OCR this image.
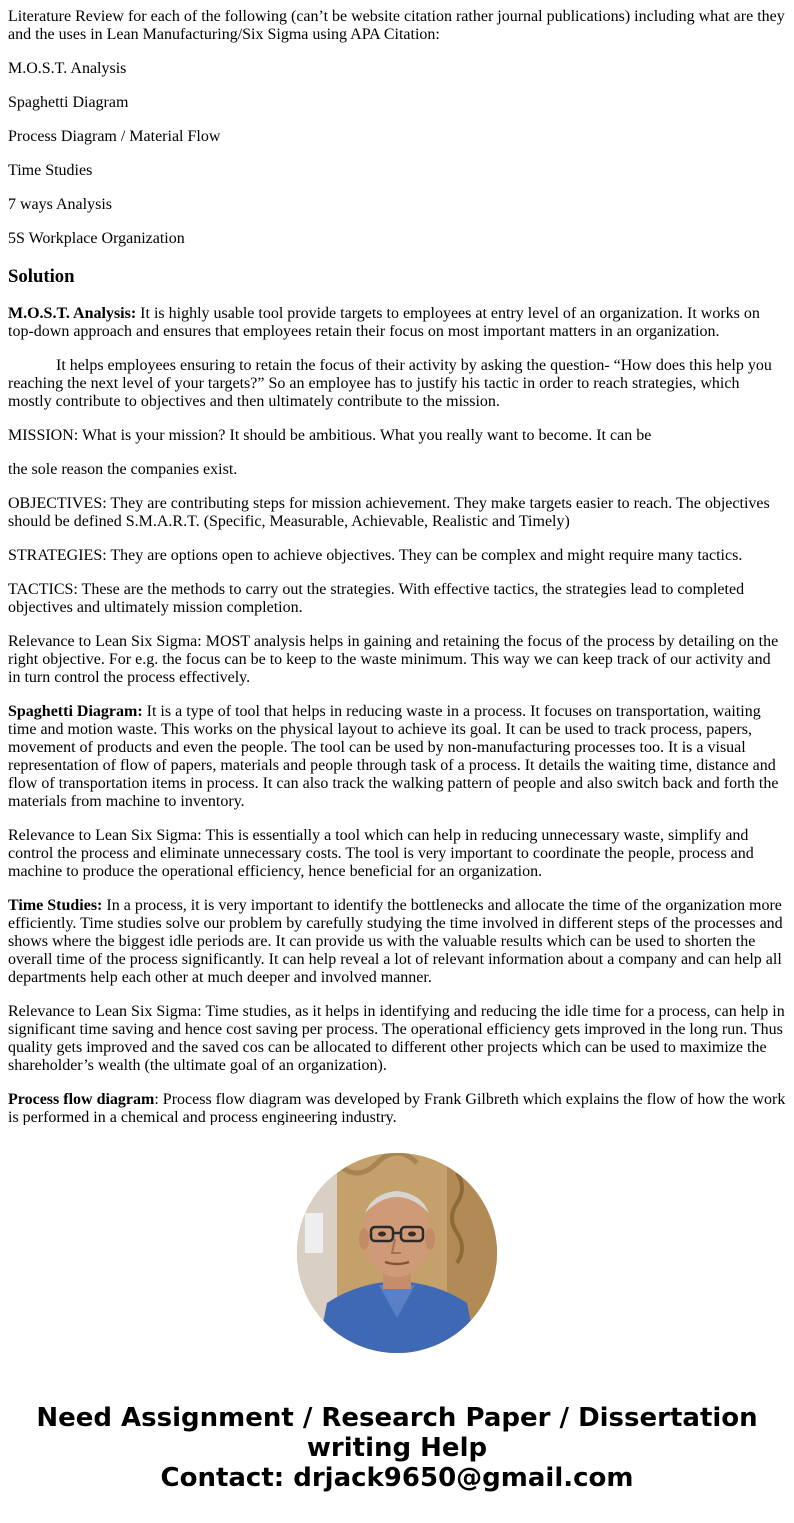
Literature Review for each of the following (can’t be website citation rather journal publications) including what are they and the uses in Lean Manufacturing/Six Sigma using APA Citation:

M.O.S.T. Analysis

Spaghetti Diagram

Process Diagram / Material Flow

Time Studies

7 ways Analysis

5S Workplace Organization

Solution

M.O.S.T. Analysis: It is highly usable tool provide targets to employees at entry level of an organization. It works on top-down approach and ensures that employees retain their focus on most important matters in an organization.

It helps employees ensuring to retain the focus of their activity by asking the question- “How does this help you reaching the next level of your targets?” So an employee has to justify his tactic in order to reach strategies, which mostly contribute to objectives and then ultimately contribute to the mission.

MISSION: What is your mission? It should be ambitious. What you really want to become. It can be

the sole reason the companies exist.

OBJECTIVES: They are contributing steps for mission achievement. They make targets easier to reach. The objectives should be defined S.M.A.R.T. (Specific, Measurable, Achievable, Realistic and Timely)

STRATEGIES: They are options open to achieve objectives. They can be complex and might require many tactics.

TACTICS: These are the methods to carry out the strategies. With effective tactics, the strategies lead to completed objectives and ultimately mission completion.

Relevance to Lean Six Sigma: MOST analysis helps in gaining and retaining the focus of the process by detailing on the right objective. For e.g. the focus can be to keep to the waste minimum. This way we can keep track of our activity and in turn control the process effectively.

Spaghetti Diagram: It is a type of tool that helps in reducing waste in a process. It focuses on transportation, waiting time and motion waste. This works on the physical layout to achieve its goal. It can be used to track process, papers, movement of products and even the people. The tool can be used by non-manufacturing processes too. It is a visual representation of flow of papers, materials and people through task of a process. It details the waiting time, distance and flow of transportation items in process. It can also track the walking pattern of people and also switch back and forth the materials from machine to inventory.

Relevance to Lean Six Sigma: This is essentially a tool which can help in reducing unnecessary waste, simplify and control the process and eliminate unnecessary costs. The tool is very important to coordinate the people, process and machine to produce the operational efficiency, hence beneficial for an organization.

Time Studies: In a process, it is very important to identify the bottlenecks and allocate the time of the organization more efficiently. Time studies solve our problem by carefully studying the time involved in different steps of the processes and shows where the biggest idle periods are. It can provide us with the valuable results which can be used to shorten the overall time of the process significantly. It can help reveal a lot of relevant information about a company and can help all departments help each other at much deeper and involved manner.

Relevance to Lean Six Sigma: Time studies, as it helps in identifying and reducing the idle time for a process, can help in significant time saving and hence cost saving per process. The operational efficiency gets improved in the long run. Thus quality gets improved and the saved cos can be allocated to different other projects which can be used to maximize the shareholder’s wealth (the ultimate goal of an organization).

Process flow diagram: Process flow diagram was developed by Frank Gilbreth which explains the flow of how the work is performed in a chemical and process engineering industry.

Need Assignment / Research Paper / Dissertation
writing Help
Contact: drjack9650@gmail.com
